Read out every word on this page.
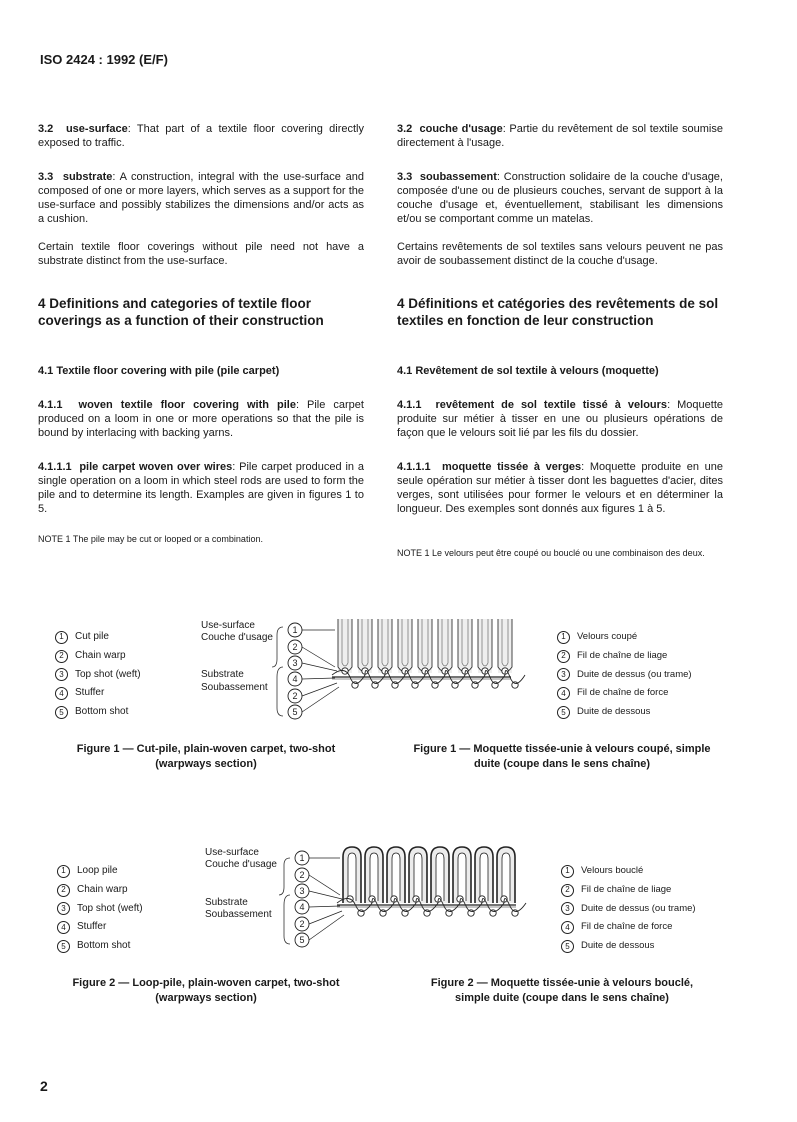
ISO 2424 : 1992 (E/F)

3.2 use-surface: That part of a textile floor covering directly exposed to traffic.

3.3 substrate: A construction, integral with the use-surface and composed of one or more layers, which serves as a support for the use-surface and possibly stabilizes the dimensions and/or acts as a cushion.

Certain textile floor coverings without pile need not have a substrate distinct from the use-surface.

4 Definitions and categories of textile floor coverings as a function of their construction
4.1 Textile floor covering with pile (pile carpet)

4.1.1 woven textile floor covering with pile: Pile carpet produced on a loom in one or more operations so that the pile is bound by interlacing with backing yarns.

4.1.1.1 pile carpet woven over wires: Pile carpet produced in a single operation on a loom in which steel rods are used to form the pile and to determine its length. Examples are given in figures 1 to 5.

NOTE 1 The pile may be cut or looped or a combination.

3.2 couche d'usage: Partie du revêtement de sol textile soumise directement à l'usage.

3.3 soubassement: Construction solidaire de la couche d'usage, composée d'une ou de plusieurs couches, servant de support à la couche d'usage et, éventuellement, stabilisant les dimensions et/ou se comportant comme un matelas.

Certains revêtements de sol textiles sans velours peuvent ne pas avoir de soubassement distinct de la couche d'usage.

4 Définitions et catégories des revêtements de sol textiles en fonction de leur construction
4.1 Revêtement de sol textile à velours (moquette)

4.1.1 revêtement de sol textile tissé à velours: Moquette produite sur métier à tisser en une ou plusieurs opérations de façon que le velours soit lié par les fils du dossier.

4.1.1.1 moquette tissée à verges: Moquette produite en une seule opération sur métier à tisser dont les baguettes d'acier, dites verges, sont utilisées pour former le velours et en déterminer la longueur. Des exemples sont donnés aux figures 1 à 5.

NOTE 1 Le velours peut être coupé ou bouclé ou une combinaison des deux.

1	Cut pile
2	Chain warp
3	Top shot (weft)
4	Stuffer
5	Bottom shot
1	Velours coupé
2	Fil de chaîne de liage
3	Duite de dessus (ou trame)
4	Fil de chaîne de force
5	Duite de dessous
Use-surface
Couche d'usage
Substrate
Soubassement
1
2
3
4
2
5
Figure 1 — Cut-pile, plain-woven carpet, two-shot (warpways section)
Figure 1 — Moquette tissée-unie à velours coupé, simple duite (coupe dans le sens chaîne)
1	Loop pile
2	Chain warp
3	Top shot (weft)
4	Stuffer
5	Bottom shot
1	Velours bouclé
2	Fil de chaîne de liage
3	Duite de dessus (ou trame)
4	Fil de chaîne de force
5	Duite de dessous
Use-surface
Couche d'usage
Substrate
Soubassement
1
2
3
4
2
5
Figure 2 — Loop-pile, plain-woven carpet, two-shot (warpways section)
Figure 2 — Moquette tissée-unie à velours bouclé, simple duite (coupe dans le sens chaîne)
2
